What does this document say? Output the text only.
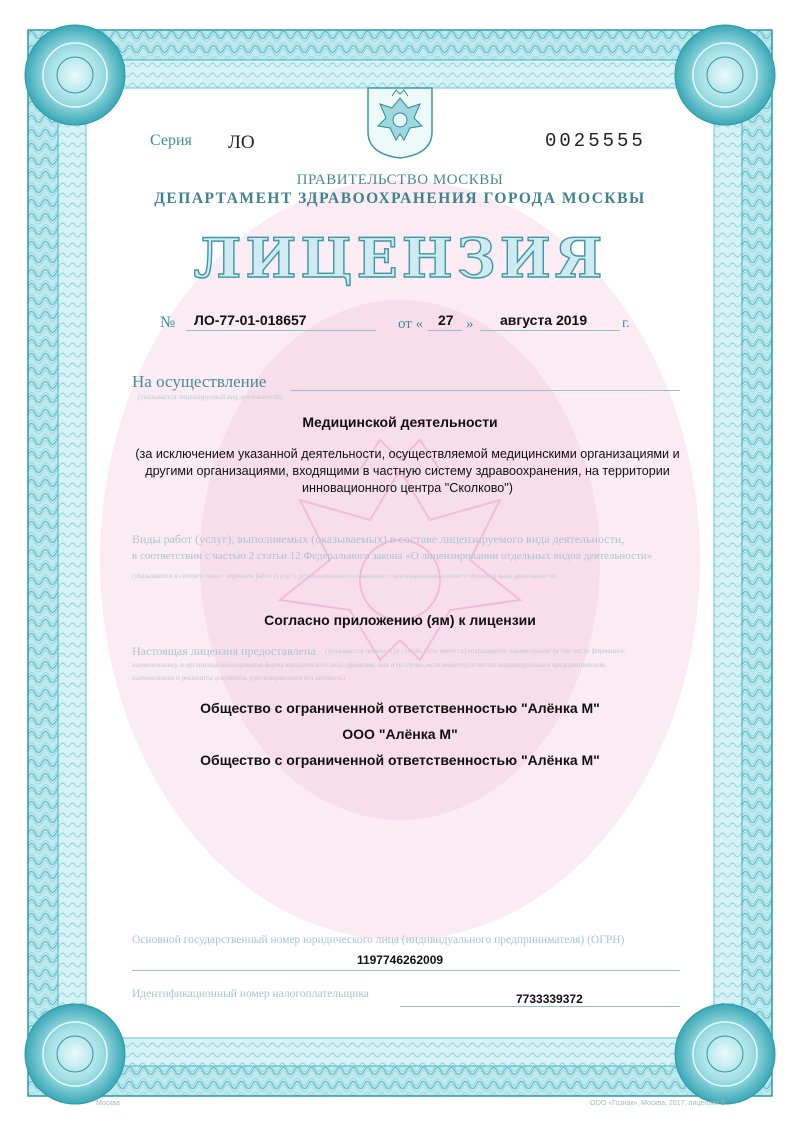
Серия ЛО	0025555
ПРАВИТЕЛЬСТВО МОСКВЫ
ДЕПАРТАМЕНТ ЗДРАВООХРАНЕНИЯ ГОРОДА МОСКВЫ
ЛИЦЕНЗИЯ
№ ЛО-77-01-018657	от « 27 » августа 2019 г.
На осуществление
(указывается лицензируемый вид деятельности)
Медицинской деятельности
(за исключением указанной деятельности, осуществляемой медицинскими организациями и другими организациями, входящими в частную систему здравоохранения, на территории инновационного центра "Сколково")
Виды работ (услуг), выполняемых (оказываемых) в составе лицензируемого вида деятельности,
в соответствии с частью 2 статьи 12 Федерального закона «О лицензировании отдельных видов деятельности»
(указываются в соответствии с перечнем работ (услуг), установленным положением о лицензировании соответствующего вида деятельности)
Согласно приложению (ям) к лицензии
Настоящая лицензия предоставлена (указывается полное и (в случае, если имеется) сокращенное наименование (в том числе фирменное
наименование), и организационно-правовая форма юридического лица (фамилия, имя и (в случае, если имеется) отчество индивидуального предпринимателя,
наименование и реквизиты документа, удостоверяющего его личность)
Общество с ограниченной ответственностью "Алёнка М"
ООО "Алёнка М"
Общество с ограниченной ответственностью "Алёнка М"
Основной государственный номер юридического лица (индивидуального предпринимателя) (ОГРН)
1197746262009
Идентификационный номер налогоплательщика	7733339372
Москва	ООО «Гознак», Москва, 2017, лицензия Б
